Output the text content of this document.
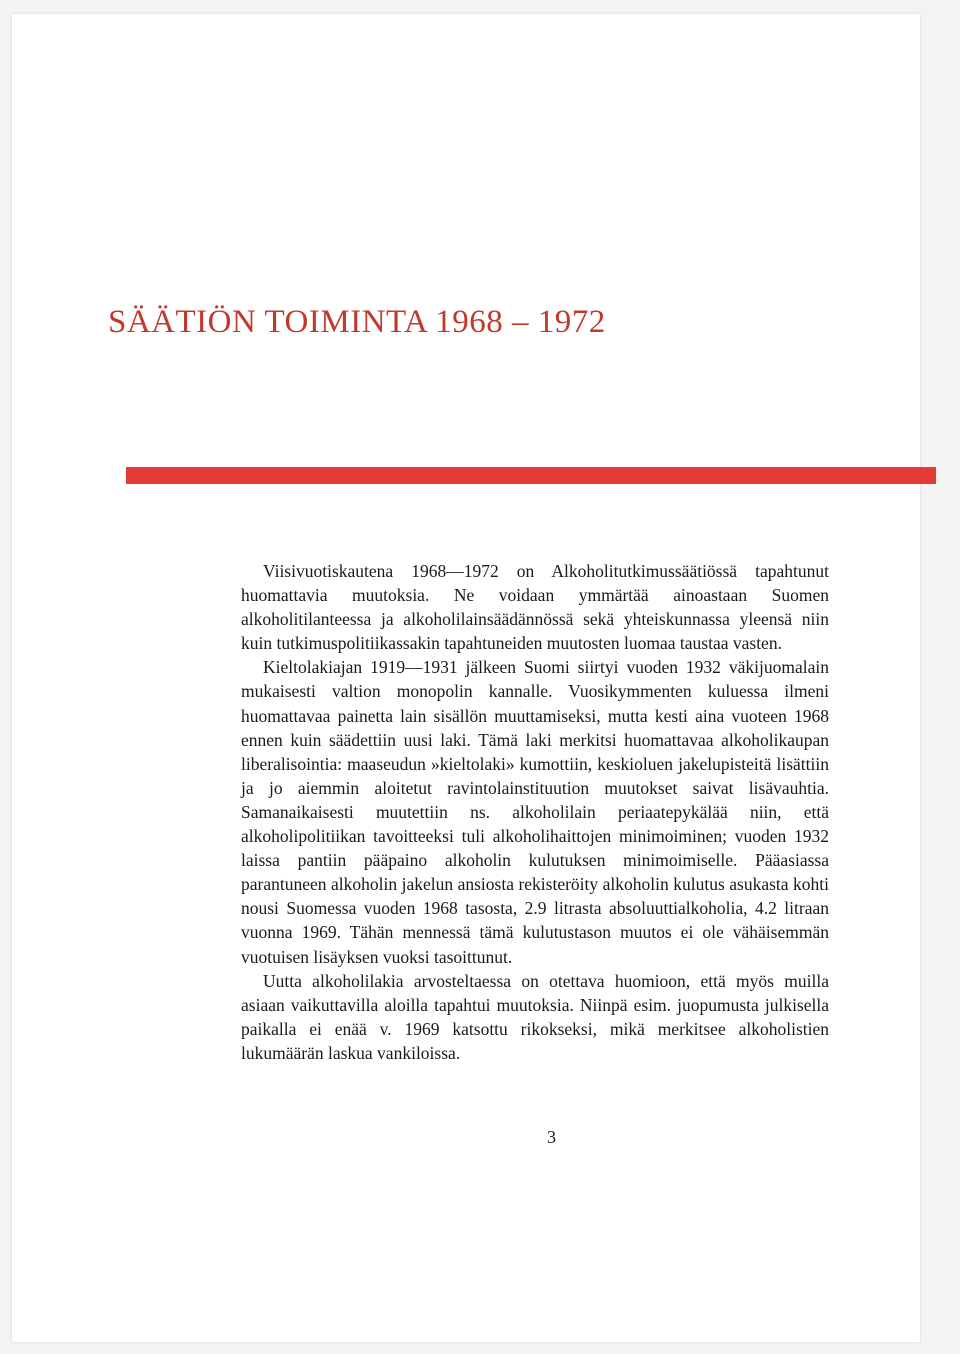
SÄÄTIÖN TOIMINTA 1968 – 1972

Viisivuotiskautena 1968—1972 on Alkoholitutkimussäätiössä tapahtunut huomattavia muutoksia. Ne voidaan ymmärtää ainoastaan Suomen alkoholitilanteessa ja alkoholilainsäädännössä sekä yhteiskunnassa yleensä niin kuin tutkimuspolitiikassakin tapahtuneiden muutosten luomaa taustaa vasten.

Kieltolakiajan 1919—1931 jälkeen Suomi siirtyi vuoden 1932 väkijuomalain mukaisesti valtion monopolin kannalle. Vuosikymmenten kuluessa ilmeni huomattavaa painetta lain sisällön muuttamiseksi, mutta kesti aina vuoteen 1968 ennen kuin säädettiin uusi laki. Tämä laki merkitsi huomattavaa alkoholikaupan liberalisointia: maaseudun »kieltolaki» kumottiin, keskioluen jakelupisteitä lisättiin ja jo aiemmin aloitetut ravintolainstituution muutokset saivat lisävauhtia. Samanaikaisesti muutettiin ns. alkoholilain periaatepykälää niin, että alkoholipolitiikan tavoitteeksi tuli alkoholihaittojen minimoiminen; vuoden 1932 laissa pantiin pääpaino alkoholin kulutuksen minimoimiselle. Pääasiassa parantuneen alkoholin jakelun ansiosta rekisteröity alkoholin kulutus asukasta kohti nousi Suomessa vuoden 1968 tasosta, 2.9 litrasta absoluuttialkoholia, 4.2 litraan vuonna 1969. Tähän mennessä tämä kulutustason muutos ei ole vähäisemmän vuotuisen lisäyksen vuoksi tasoittunut.

Uutta alkoholilakia arvosteltaessa on otettava huomioon, että myös muilla asiaan vaikuttavilla aloilla tapahtui muutoksia. Niinpä esim. juopumusta julkisella paikalla ei enää v. 1969 katsottu rikokseksi, mikä merkitsee alkoholistien lukumäärän laskua vankiloissa.

3
